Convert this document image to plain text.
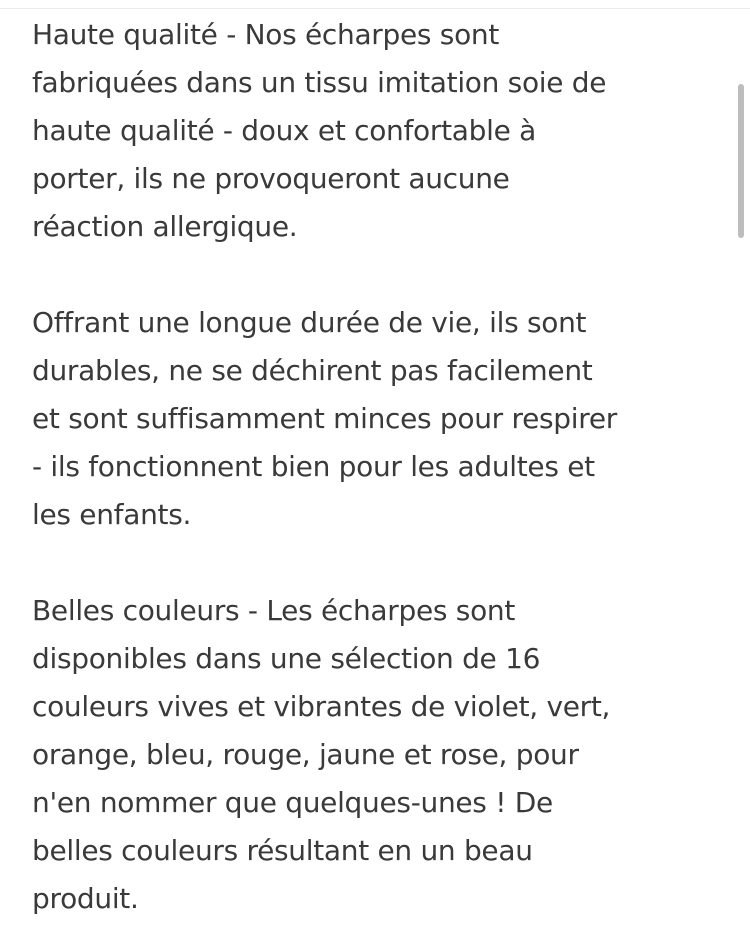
Haute qualité - Nos écharpes sont
fabriquées dans un tissu imitation soie de
haute qualité - doux et confortable à
porter, ils ne provoqueront aucune
réaction allergique.

Offrant une longue durée de vie, ils sont
durables, ne se déchirent pas facilement
et sont suffisamment minces pour respirer
- ils fonctionnent bien pour les adultes et
les enfants.

Belles couleurs - Les écharpes sont
disponibles dans une sélection de 16
couleurs vives et vibrantes de violet, vert,
orange, bleu, rouge, jaune et rose, pour
n'en nommer que quelques-unes ! De
belles couleurs résultant en un beau
produit.
